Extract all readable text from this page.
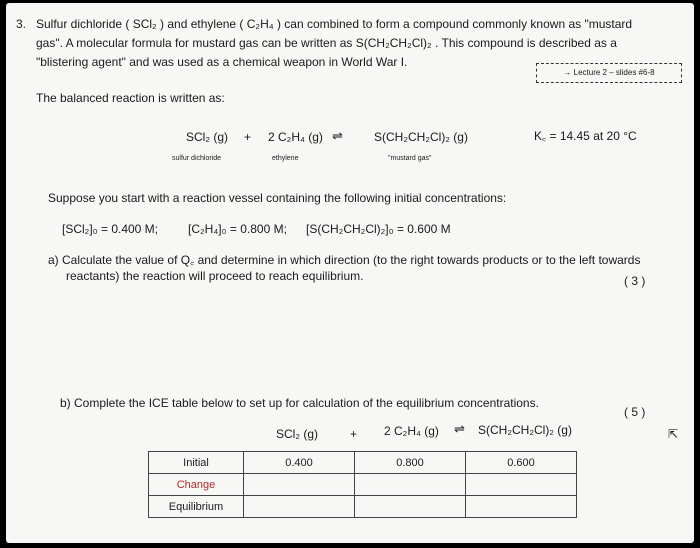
3. Sulfur dichloride ( SCl₂ ) and ethylene ( C₂H₄ ) can combined to form a compound commonly known as "mustard
gas". A molecular formula for mustard gas can be written as S(CH₂CH₂Cl)₂ . This compound is described as a
"blistering agent" and was used as a chemical weapon in World War I.
→ Lecture 2 – slides #6-8
The balanced reaction is written as:
SCl₂ (g) + 2 C₂H₄ (g) ⇌	S(CH₂CH₂Cl)₂ (g)	K꜀ = 14.45 at 20 °C
sulfur dichloride	ethylene	"mustard gas"
Suppose you start with a reaction vessel containing the following initial concentrations:
[SCl₂]₀ = 0.400 M; [C₂H₄]₀ = 0.800 M; [S(CH₂CH₂Cl)₂]₀ = 0.600 M
a) Calculate the value of Q꜀ and determine in which direction (to the right towards products or to the left towards
reactants) the reaction will proceed to reach equilibrium.	( 3 )
b) Complete the ICE table below to set up for calculation of the equilibrium concentrations.
( 5 )
SCl₂ (g)	+ 2 C₂H₄ (g) ⇌ S(CH₂CH₂Cl)₂ (g)
Initial	0.400	0.800	0.600
Change			
Equilibrium			
⇱
